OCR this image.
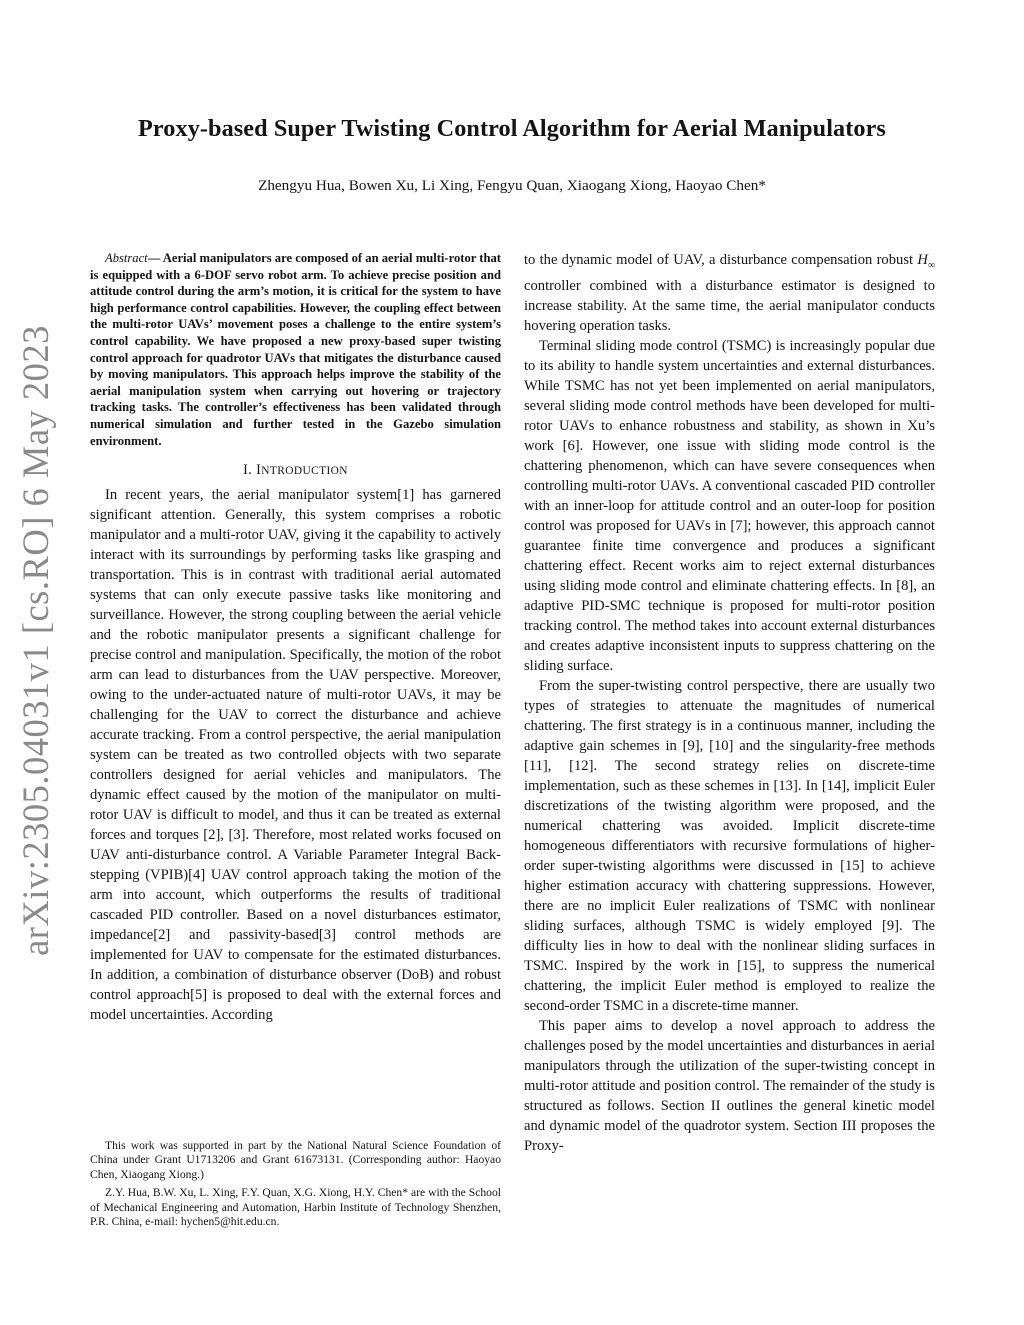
arXiv:2305.04031v1 [cs.RO] 6 May 2023
Proxy-based Super Twisting Control Algorithm for Aerial Manipulators

Zhengyu Hua, Bowen Xu, Li Xing, Fengyu Quan, Xiaogang Xiong, Haoyao Chen*

Abstract— Aerial manipulators are composed of an aerial multi-rotor that is equipped with a 6-DOF servo robot arm. To achieve precise position and attitude control during the arm’s motion, it is critical for the system to have high performance control capabilities. However, the coupling effect between the multi-rotor UAVs’ movement poses a challenge to the entire system’s control capability. We have proposed a new proxy-based super twisting control approach for quadrotor UAVs that mitigates the disturbance caused by moving manipulators. This approach helps improve the stability of the aerial manipulation system when carrying out hovering or trajectory tracking tasks. The controller’s effectiveness has been validated through numerical simulation and further tested in the Gazebo simulation environment.

I. INTRODUCTION

In recent years, the aerial manipulator system[1] has garnered significant attention. Generally, this system comprises a robotic manipulator and a multi-rotor UAV, giving it the capability to actively interact with its surroundings by performing tasks like grasping and transportation. This is in contrast with traditional aerial automated systems that can only execute passive tasks like monitoring and surveillance. However, the strong coupling between the aerial vehicle and the robotic manipulator presents a significant challenge for precise control and manipulation. Specifically, the motion of the robot arm can lead to disturbances from the UAV perspective. Moreover, owing to the under-actuated nature of multi-rotor UAVs, it may be challenging for the UAV to correct the disturbance and achieve accurate tracking. From a control perspective, the aerial manipulation system can be treated as two controlled objects with two separate controllers designed for aerial vehicles and manipulators. The dynamic effect caused by the motion of the manipulator on multi-rotor UAV is difficult to model, and thus it can be treated as external forces and torques [2], [3]. Therefore, most related works focused on UAV anti-disturbance control. A Variable Parameter Integral Back-stepping (VPIB)[4] UAV control approach taking the motion of the arm into account, which outperforms the results of traditional cascaded PID controller. Based on a novel disturbances estimator, impedance[2] and passivity-based[3] control methods are implemented for UAV to compensate for the estimated disturbances. In addition, a combination of disturbance observer (DoB) and robust control approach[5] is proposed to deal with the external forces and model uncertainties. According

This work was supported in part by the National Natural Science Foundation of China under Grant U1713206 and Grant 61673131. (Corresponding author: Haoyao Chen, Xiaogang Xiong.)

Z.Y. Hua, B.W. Xu, L. Xing, F.Y. Quan, X.G. Xiong, H.Y. Chen* are with the School of Mechanical Engineering and Automation, Harbin Institute of Technology Shenzhen, P.R. China, e-mail: hychen5@hit.edu.cn.

to the dynamic model of UAV, a disturbance compensation robust $H_\infty$ controller combined with a disturbance estimator is designed to increase stability. At the same time, the aerial manipulator conducts hovering operation tasks.

Terminal sliding mode control (TSMC) is increasingly popular due to its ability to handle system uncertainties and external disturbances. While TSMC has not yet been implemented on aerial manipulators, several sliding mode control methods have been developed for multi-rotor UAVs to enhance robustness and stability, as shown in Xu’s work [6]. However, one issue with sliding mode control is the chattering phenomenon, which can have severe consequences when controlling multi-rotor UAVs. A conventional cascaded PID controller with an inner-loop for attitude control and an outer-loop for position control was proposed for UAVs in [7]; however, this approach cannot guarantee finite time convergence and produces a significant chattering effect. Recent works aim to reject external disturbances using sliding mode control and eliminate chattering effects. In [8], an adaptive PID-SMC technique is proposed for multi-rotor position tracking control. The method takes into account external disturbances and creates adaptive inconsistent inputs to suppress chattering on the sliding surface.

From the super-twisting control perspective, there are usually two types of strategies to attenuate the magnitudes of numerical chattering. The first strategy is in a continuous manner, including the adaptive gain schemes in [9], [10] and the singularity-free methods [11], [12]. The second strategy relies on discrete-time implementation, such as these schemes in [13]. In [14], implicit Euler discretizations of the twisting algorithm were proposed, and the numerical chattering was avoided. Implicit discrete-time homogeneous differentiators with recursive formulations of higher-order super-twisting algorithms were discussed in [15] to achieve higher estimation accuracy with chattering suppressions. However, there are no implicit Euler realizations of TSMC with nonlinear sliding surfaces, although TSMC is widely employed [9]. The difficulty lies in how to deal with the nonlinear sliding surfaces in TSMC. Inspired by the work in [15], to suppress the numerical chattering, the implicit Euler method is employed to realize the second-order TSMC in a discrete-time manner.

This paper aims to develop a novel approach to address the challenges posed by the model uncertainties and disturbances in aerial manipulators through the utilization of the super-twisting concept in multi-rotor attitude and position control. The remainder of the study is structured as follows. Section II outlines the general kinetic model and dynamic model of the quadrotor system. Section III proposes the Proxy-
